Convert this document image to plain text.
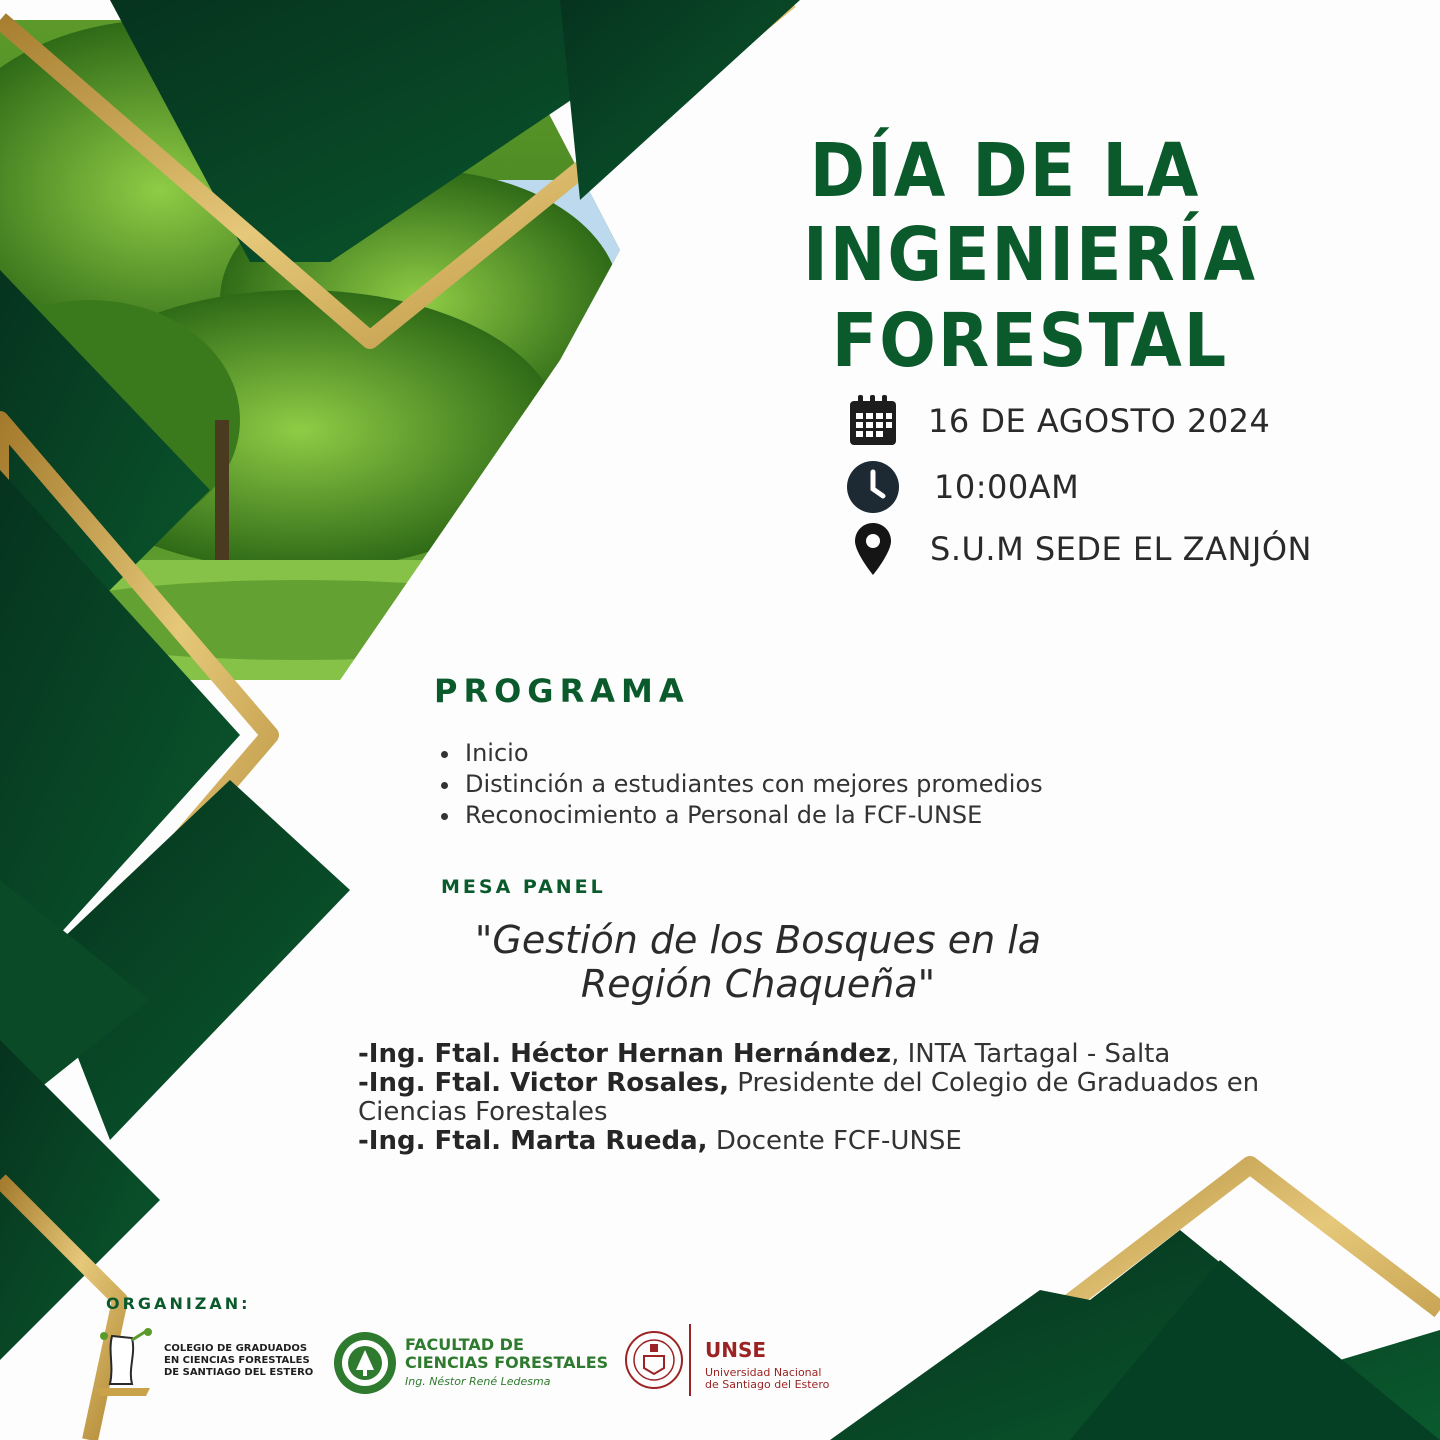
DÍA DE LA
INGENIERÍA FORESTAL
16 DE AGOSTO 2024
10:00AM
S.U.M SEDE EL ZANJÓN
PROGRAMA
Inicio
Distinción a estudiantes con mejores promedios
Reconocimiento a Personal de la FCF-UNSE
MESA PANEL
"Gestión de los Bosques en la
Región Chaqueña"

-Ing. Ftal. Héctor Hernan Hernández, INTA Tartagal - Salta

-Ing. Ftal. Victor Rosales, Presidente del Colegio de Graduados en Ciencias Forestales

-Ing. Ftal. Marta Rueda, Docente FCF-UNSE

ORGANIZAN:
COLEGIO DE GRADUADOS
EN CIENCIAS FORESTALES
DE SANTIAGO DEL ESTERO
FACULTAD DE
CIENCIAS FORESTALES
Ing. Néstor René Ledesma
UNSE
Universidad Nacional
de Santiago del Estero
